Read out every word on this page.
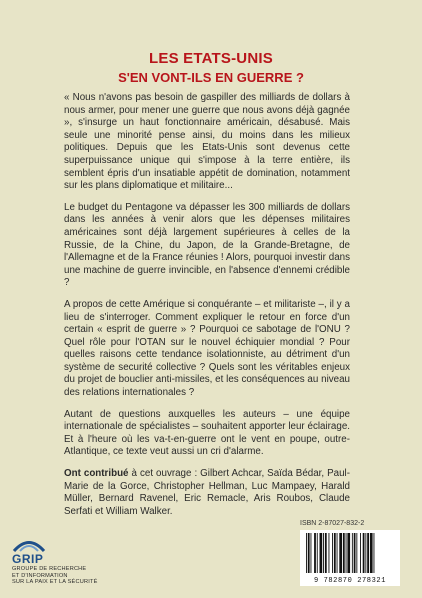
LES ETATS-UNIS
S'EN VONT-ILS EN GUERRE ?

« Nous n'avons pas besoin de gaspiller des milliards de dollars à nous armer, pour mener une guerre que nous avons déjà gagnée », s'insurge un haut fonctionnaire américain, désabusé. Mais seule une minorité pense ainsi, du moins dans les milieux politiques. Depuis que les Etats-Unis sont devenus cette superpuissance unique qui s'impose à la terre entière, ils semblent épris d'un insatiable appétit de domination, notamment sur les plans diplomatique et militaire...

Le budget du Pentagone va dépasser les 300 milliards de dollars dans les années à venir alors que les dépenses militaires américaines sont déjà largement supérieures à celles de la Russie, de la Chine, du Japon, de la Grande-Bretagne, de l'Allemagne et de la France réunies ! Alors, pourquoi investir dans une machine de guerre invincible, en l'absence d'ennemi crédible ?

A propos de cette Amérique si conquérante – et militariste –, il y a lieu de s'interroger. Comment expliquer le retour en force d'un certain « esprit de guerre » ? Pourquoi ce sabotage de l'ONU ? Quel rôle pour l'OTAN sur le nouvel échiquier mondial ? Pour quelles raisons cette tendance isolationniste, au détriment d'un système de securité collective ? Quels sont les véritables enjeux du projet de bouclier anti-missiles, et les conséquences au niveau des relations internationales ?

Autant de questions auxquelles les auteurs – une équipe internationale de spécialistes – souhaitent apporter leur éclairage. Et à l'heure où les va-t-en-guerre ont le vent en poupe, outre-Atlantique, ce texte veut aussi un cri d'alarme.

Ont contribué à cet ouvrage : Gilbert Achcar, Saïda Bédar, Paul-Marie de la Gorce, Christopher Hellman, Luc Mampaey, Harald Müller, Bernard Ravenel, Eric Remacle, Aris Roubos, Claude Serfati et William Walker.

GRIP
GROUPE DE RECHERCHE
ET D'INFORMATION
SUR LA PAIX ET LA SÉCURITÉ
ISBN 2-87027-832-2
9 782870 278321
